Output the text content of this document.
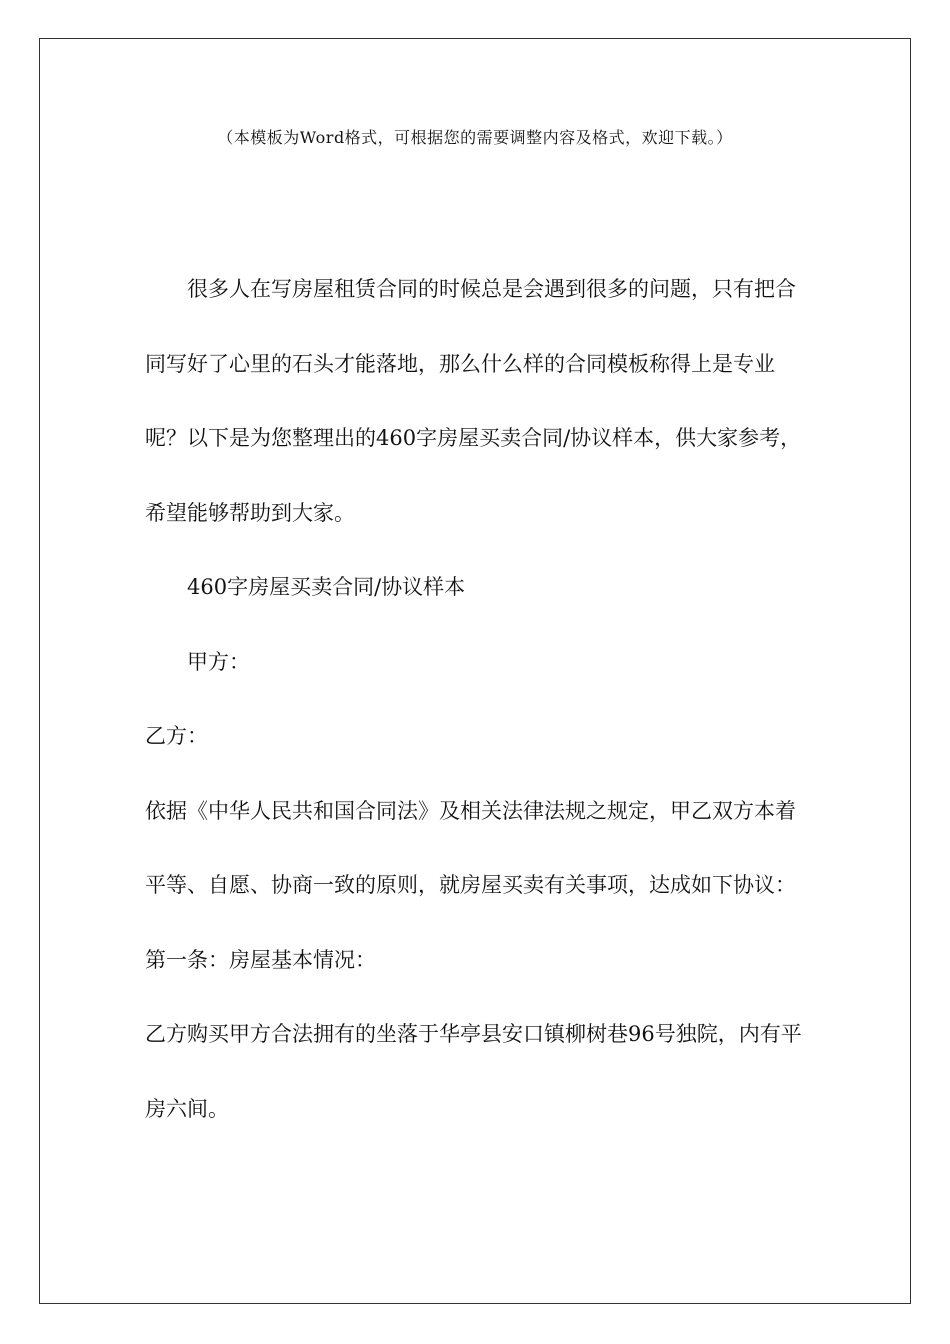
（本模板为Word格式，可根据您的需要调整内容及格式，欢迎下载。）

很多人在写房屋租赁合同的时候总是会遇到很多的问题，只有把合同写好了心里的石头才能落地，那么什么样的合同模板称得上是专业呢？以下是为您整理出的460字房屋买卖合同/协议样本，供大家参考，希望能够帮助到大家。

460字房屋买卖合同/协议样本

甲方：

乙方：

依据《中华人民共和国合同法》及相关法律法规之规定，甲乙双方本着平等、自愿、协商一致的原则，就房屋买卖有关事项，达成如下协议：

第一条：房屋基本情况：

乙方购买甲方合法拥有的坐落于华亭县安口镇柳树巷96号独院，内有平房六间。
